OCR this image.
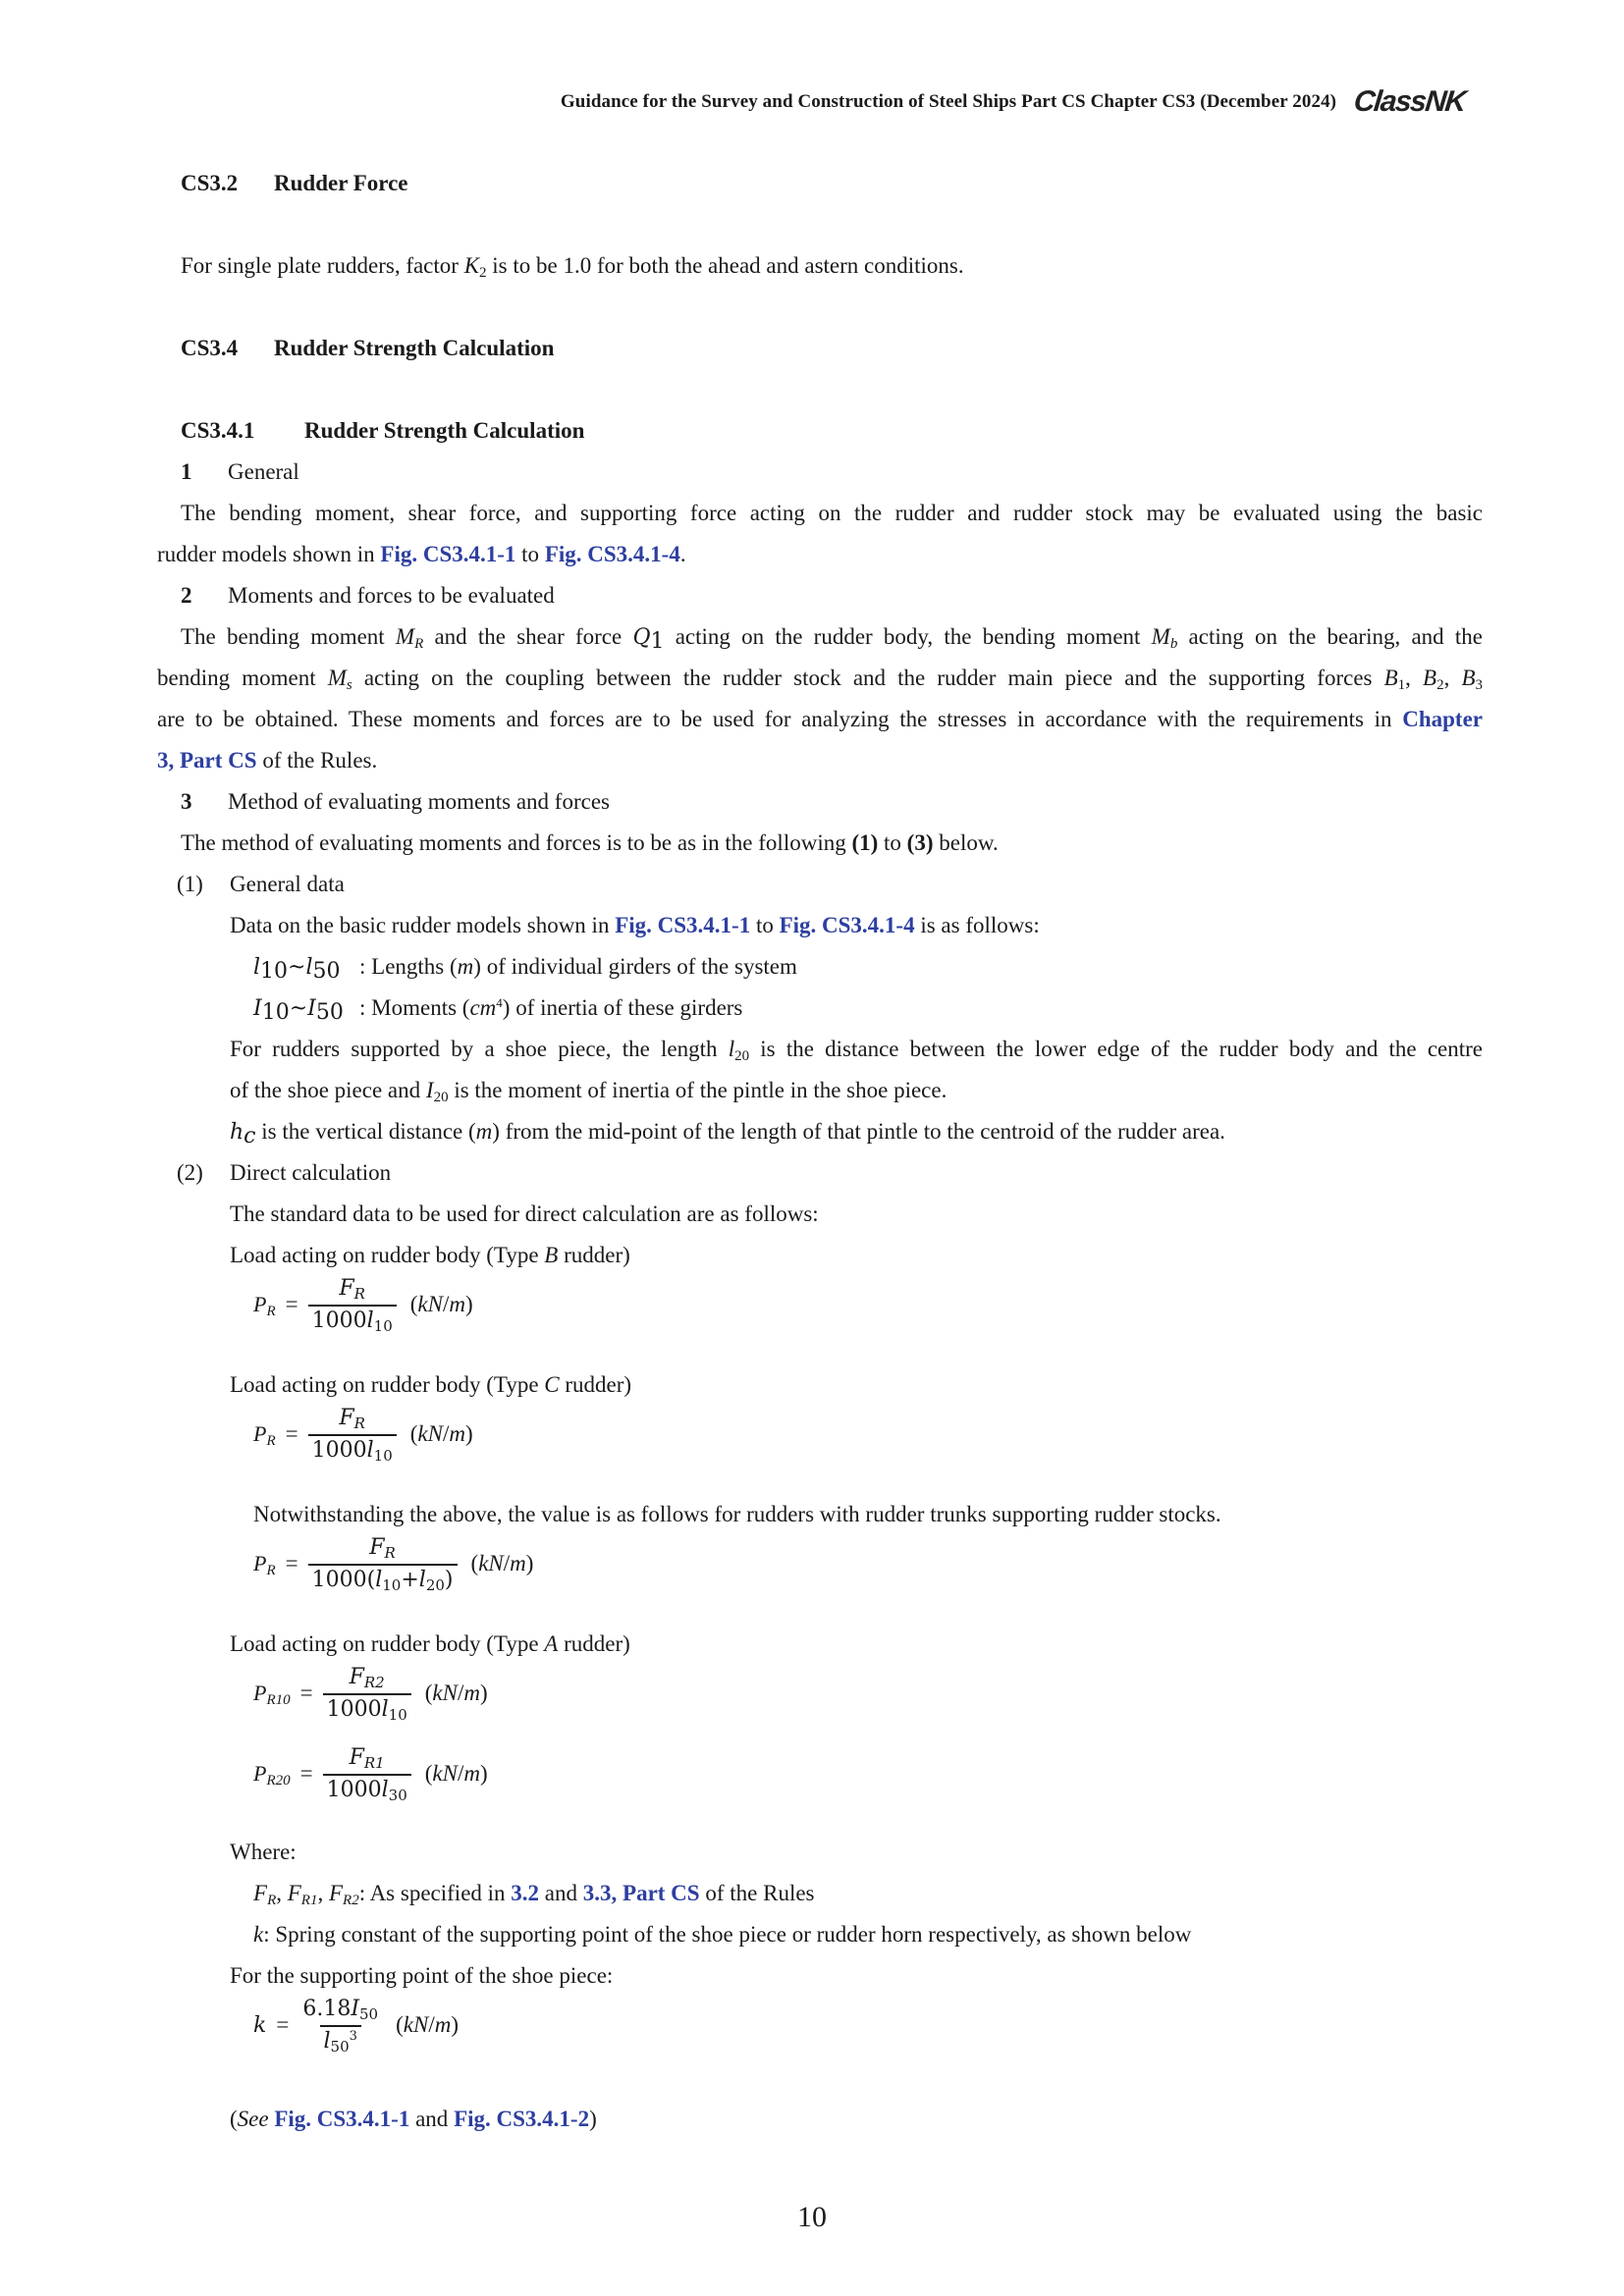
Guidance for the Survey and Construction of Steel Ships Part CS Chapter CS3 (December 2024) ClassNK
CS3.2 Rudder Force
For single plate rudders, factor $K_2$ is to be 1.0 for both the ahead and astern conditions.
CS3.4 Rudder Strength Calculation
CS3.4.1 Rudder Strength Calculation
1 General
The bending moment, shear force, and supporting force acting on the rudder and rudder stock may be evaluated using the basic
rudder models shown in Fig. CS3.4.1-1 to Fig. CS3.4.1-4.
2 Moments and forces to be evaluated
The bending moment $M_R$ and the shear force $Q_1$ acting on the rudder body, the bending moment $M_b$ acting on the bearing, and the
bending moment $M_s$ acting on the coupling between the rudder stock and the rudder main piece and the supporting forces $B_1$, $B_2$, $B_3$
are to be obtained. These moments and forces are to be used for analyzing the stresses in accordance with the requirements in Chapter
3, Part CS of the Rules.
3 Method of evaluating moments and forces
The method of evaluating moments and forces is to be as in the following (1) to (3) below.
(1) General data
Data on the basic rudder models shown in Fig. CS3.4.1-1 to Fig. CS3.4.1-4 is as follows:
$l_{10}\sim l_{50}$ : Lengths (m) of individual girders of the system
$I_{10}\sim I_{50}$ : Moments $(cm^4)$ of inertia of these girders
For rudders supported by a shoe piece, the length $l_{20}$ is the distance between the lower edge of the rudder body and the centre
of the shoe piece and $I_{20}$ is the moment of inertia of the pintle in the shoe piece.
$h_c$ is the vertical distance (m) from the mid-point of the length of that pintle to the centroid of the rudder area.
(2) Direct calculation
The standard data to be used for direct calculation are as follows:
Load acting on rudder body (Type B rudder)
$P_R = \frac{F_R}{1000l_{10}} (kN/m)$
Load acting on rudder body (Type C rudder)
$P_R = \frac{F_R}{1000l_{10}} (kN/m)$
Notwithstanding the above, the value is as follows for rudders with rudder trunks supporting rudder stocks.
$P_R = \frac{F_R}{1000(l_{10}+l_{20})} (kN/m)$
Load acting on rudder body (Type A rudder)
$P_{R10} = \frac{F_{R2}}{1000l_{10}} (kN/m)$
$P_{R20} = \frac{F_{R1}}{1000l_{30}} (kN/m)$
Where:
$F_R$, $F_{R1}$, $F_{R2}$: As specified in 3.2 and 3.3, Part CS of the Rules
k: Spring constant of the supporting point of the shoe piece or rudder horn respectively, as shown below
For the supporting point of the shoe piece:
$k = \frac{6.18I_{50}}{l_{50}^3} (kN/m)$
(See Fig. CS3.4.1-1 and Fig. CS3.4.1-2)
10
